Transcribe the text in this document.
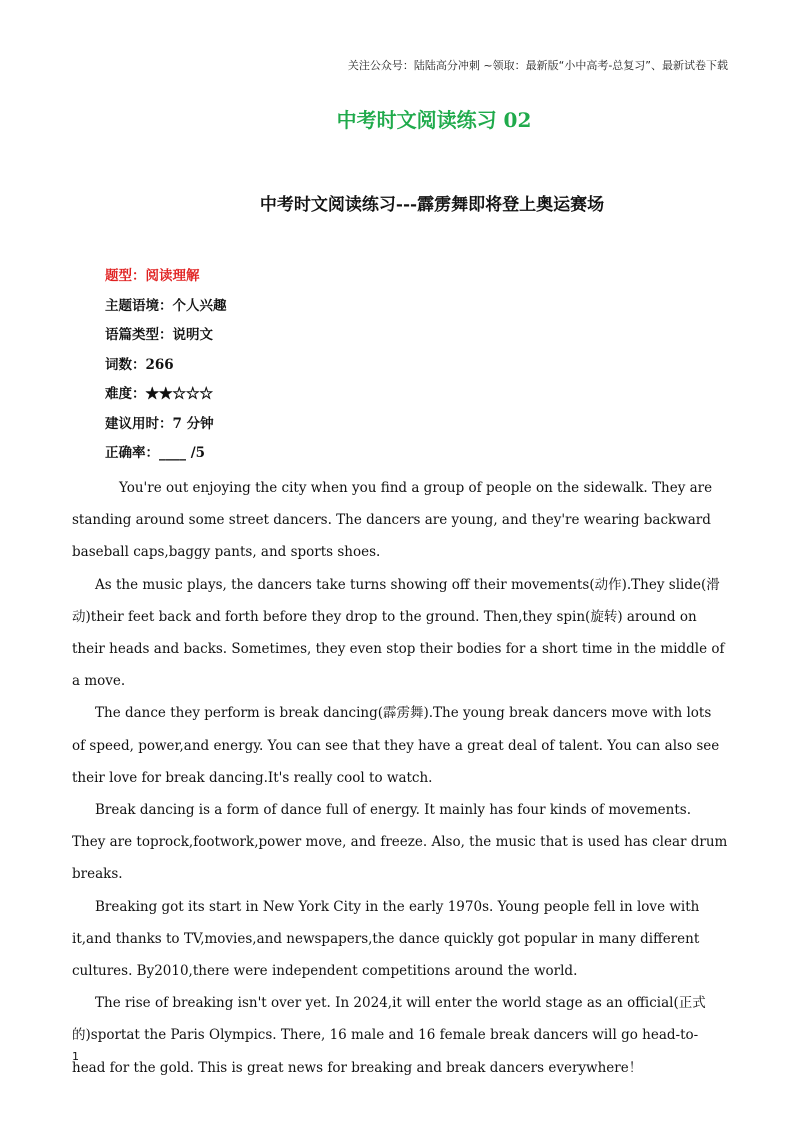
关注公众号：陆陆高分冲刺 ~领取：最新版“小中高考-总复习”、最新试卷下载
中考时文阅读练习 02
中考时文阅读练习---霹雳舞即将登上奥运赛场
题型：阅读理解
主题语境：个人兴趣
语篇类型：说明文
词数：266
难度：★★☆☆☆
建议用时：7 分钟
正确率：____ /5

You're out enjoying the city when you find a group of people on the sidewalk. They are standing around some street dancers. The dancers are young, and they're wearing backward baseball caps,baggy pants, and sports shoes.

As the music plays, the dancers take turns showing off their movements(动作).They slide(滑动)their feet back and forth before they drop to the ground. Then,they spin(旋转) around on their heads and backs. Sometimes, they even stop their bodies for a short time in the middle of a move.

The dance they perform is break dancing(霹雳舞).The young break dancers move with lots of speed, power,and energy. You can see that they have a great deal of talent. You can also see their love for break dancing.It's really cool to watch.

Break dancing is a form of dance full of energy. It mainly has four kinds of movements. They are toprock,footwork,power move, and freeze. Also, the music that is used has clear drum breaks.

Breaking got its start in New York City in the early 1970s. Young people fell in love with it,and thanks to TV,movies,and newspapers,the dance quickly got popular in many different cultures. By2010,there were independent competitions around the world.

The rise of breaking isn't over yet. In 2024,it will enter the world stage as an official(正式的)sportat the Paris Olympics. There, 16 male and 16 female break dancers will go head-to-head for the gold. This is great news for breaking and break dancers everywhere！

1
